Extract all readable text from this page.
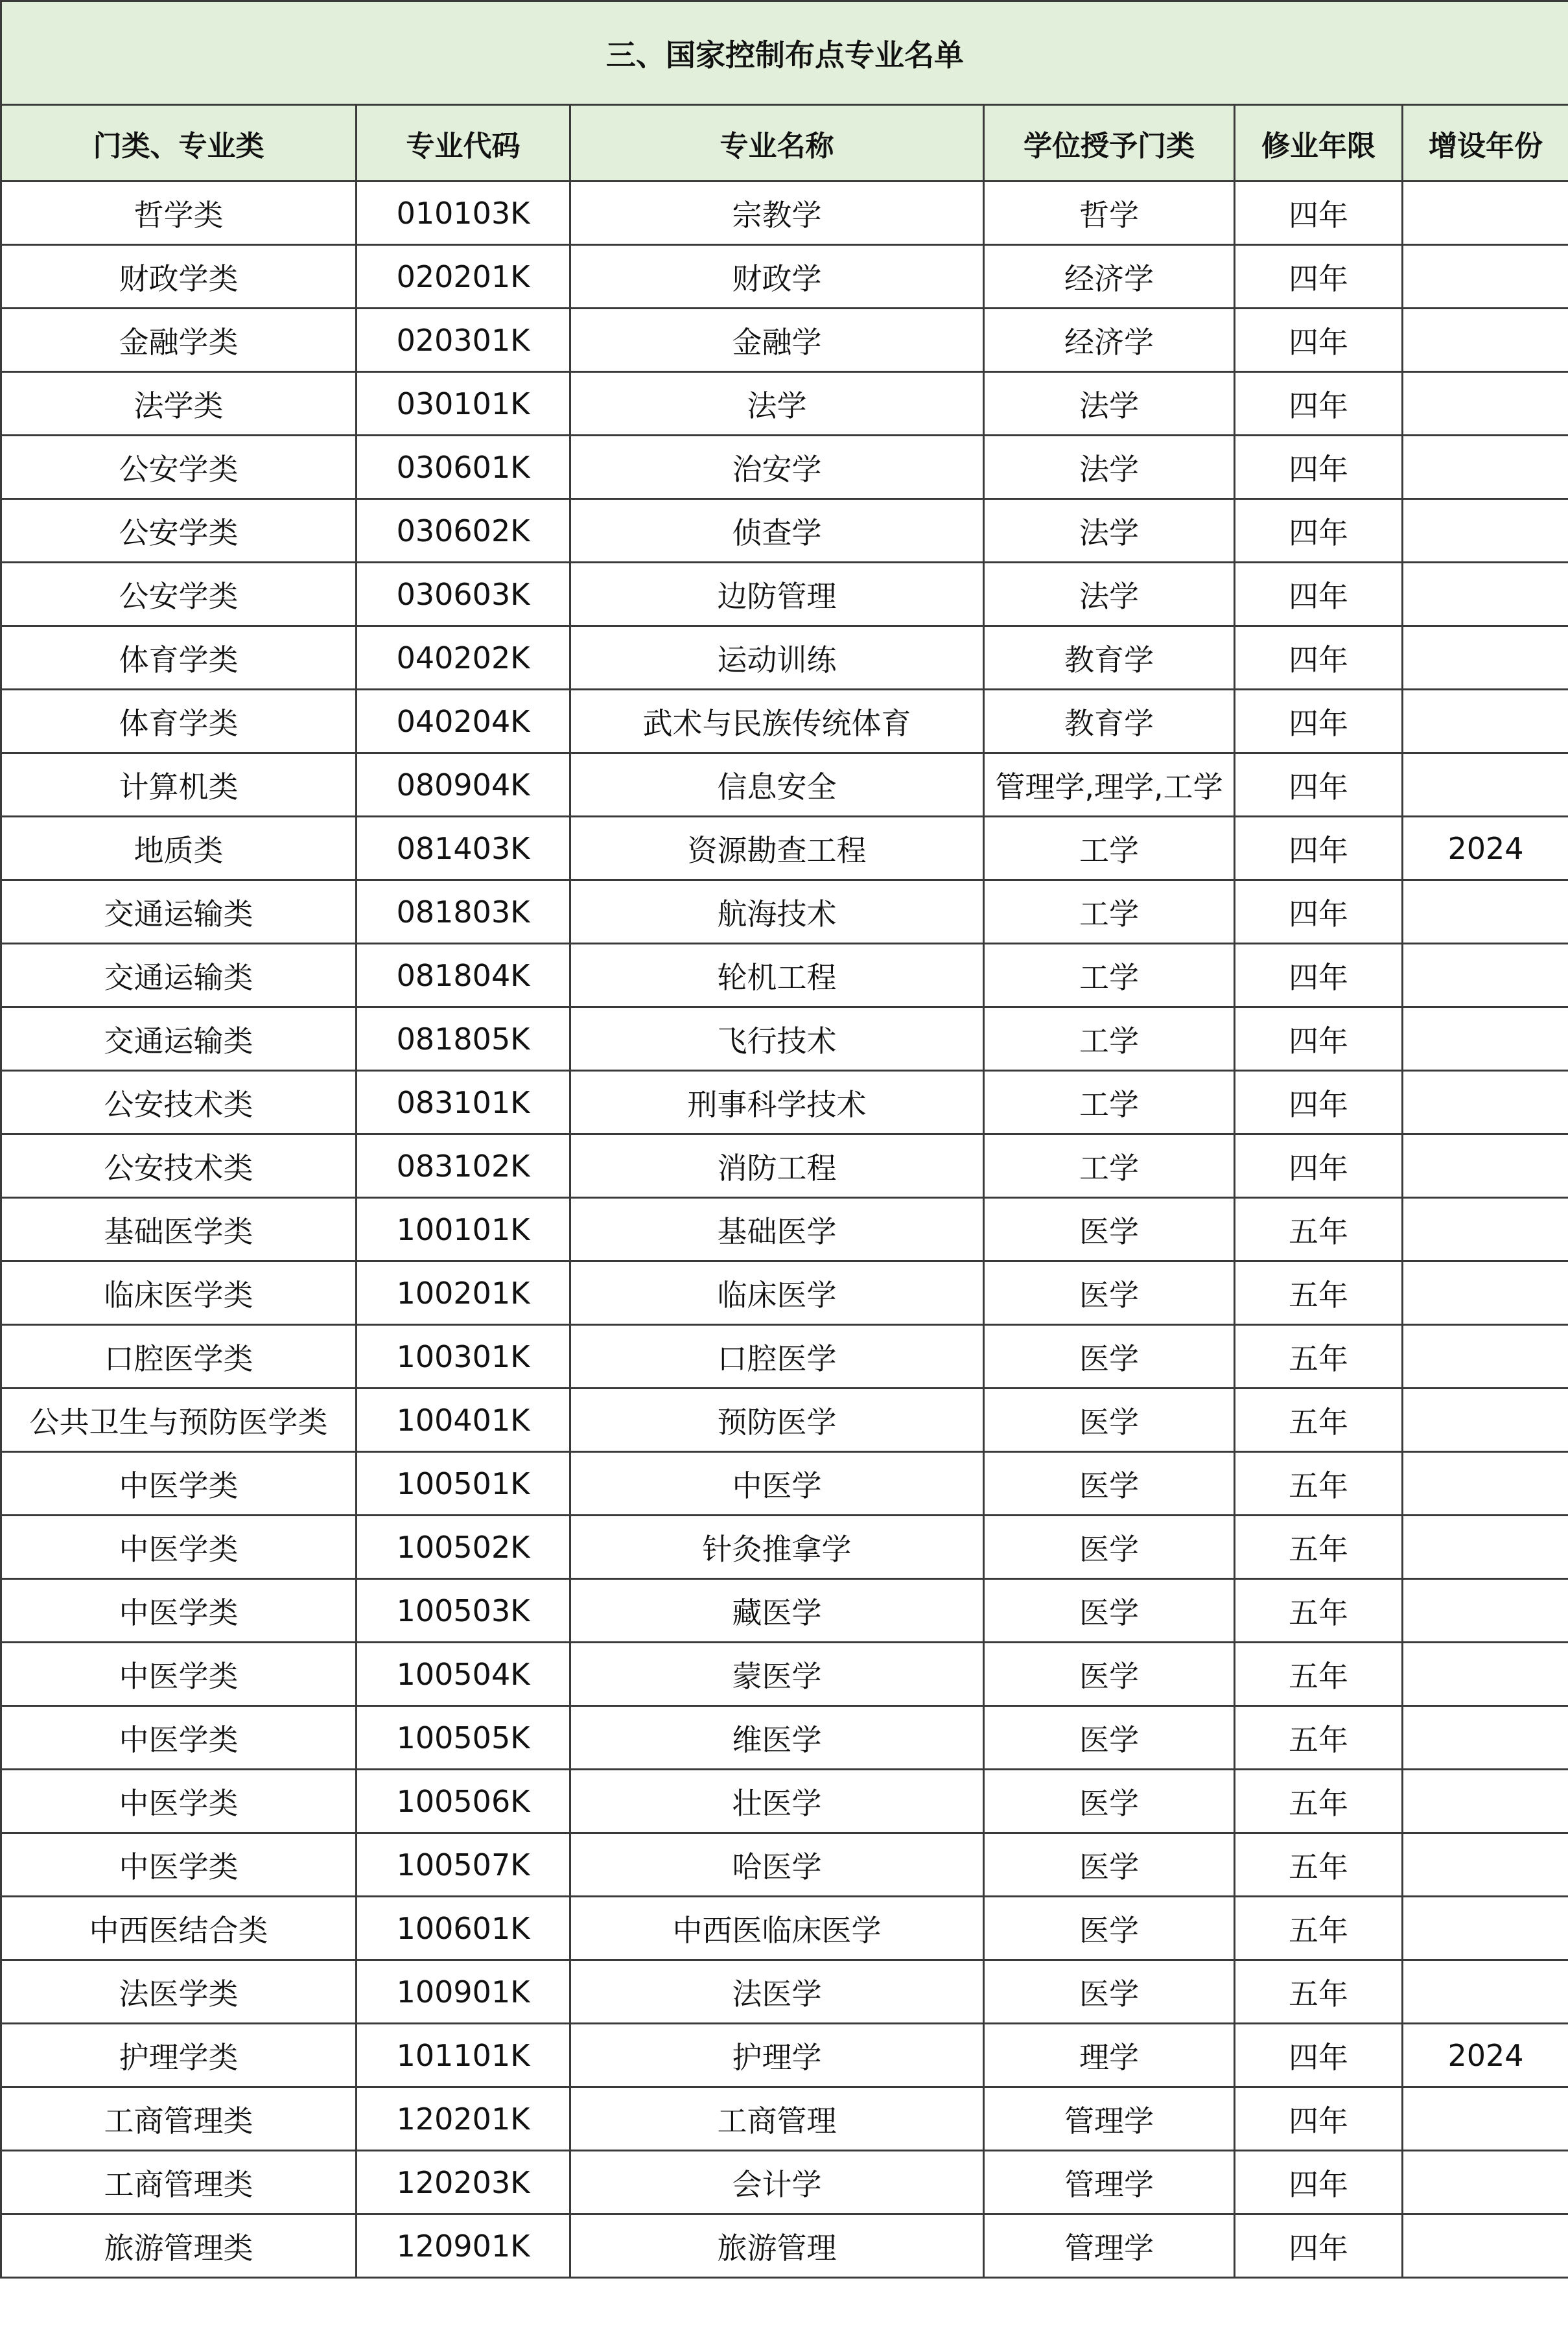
三、国家控制布点专业名单					
门类、专业类	专业代码	专业名称	学位授予门类	修业年限	增设年份
哲学类	010103K	宗教学	哲学	四年	
财政学类	020201K	财政学	经济学	四年	
金融学类	020301K	金融学	经济学	四年	
法学类	030101K	法学	法学	四年	
公安学类	030601K	治安学	法学	四年	
公安学类	030602K	侦查学	法学	四年	
公安学类	030603K	边防管理	法学	四年	
体育学类	040202K	运动训练	教育学	四年	
体育学类	040204K	武术与民族传统体育	教育学	四年	
计算机类	080904K	信息安全	管理学,理学,工学	四年	
地质类	081403K	资源勘查工程	工学	四年	2024
交通运输类	081803K	航海技术	工学	四年	
交通运输类	081804K	轮机工程	工学	四年	
交通运输类	081805K	飞行技术	工学	四年	
公安技术类	083101K	刑事科学技术	工学	四年	
公安技术类	083102K	消防工程	工学	四年	
基础医学类	100101K	基础医学	医学	五年	
临床医学类	100201K	临床医学	医学	五年	
口腔医学类	100301K	口腔医学	医学	五年	
公共卫生与预防医学类	100401K	预防医学	医学	五年	
中医学类	100501K	中医学	医学	五年	
中医学类	100502K	针灸推拿学	医学	五年	
中医学类	100503K	藏医学	医学	五年	
中医学类	100504K	蒙医学	医学	五年	
中医学类	100505K	维医学	医学	五年	
中医学类	100506K	壮医学	医学	五年	
中医学类	100507K	哈医学	医学	五年	
中西医结合类	100601K	中西医临床医学	医学	五年	
法医学类	100901K	法医学	医学	五年	
护理学类	101101K	护理学	理学	四年	2024
工商管理类	120201K	工商管理	管理学	四年	
工商管理类	120203K	会计学	管理学	四年	
旅游管理类	120901K	旅游管理	管理学	四年	
